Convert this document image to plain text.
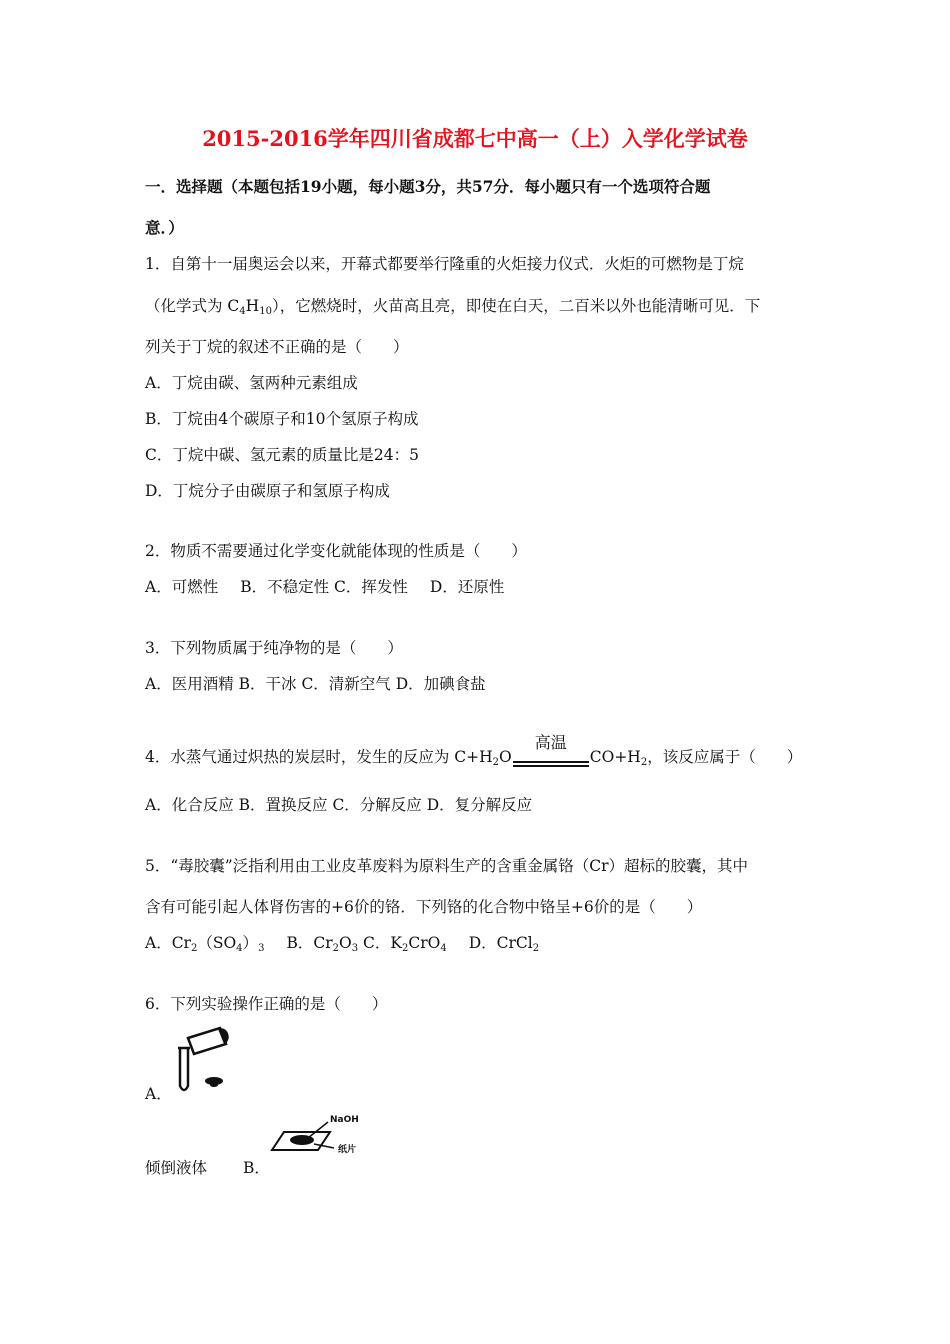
2015-2016学年四川省成都七中高一（上）入学化学试卷
一．选择题（本题包括19小题，每小题3分，共57分．每小题只有一个选项符合题
意．）
1．自第十一届奥运会以来，开幕式都要举行隆重的火炬接力仪式．火炬的可燃物是丁烷
（化学式为 $C_4H_{10}$），它燃烧时，火苗高且亮，即使在白天，二百米以外也能清晰可见．下
列关于丁烷的叙述不正确的是（　　）
A．丁烷由碳、氢两种元素组成
B．丁烷由4个碳原子和10个氢原子构成
C．丁烷中碳、氢元素的质量比是24：5
D．丁烷分子由碳原子和氢原子构成
2．物质不需要通过化学变化就能体现的性质是（　　）
A．可燃性 B．不稳定性 C．挥发性 D．还原性
3．下列物质属于纯净物的是（　　）
A．医用酒精 B．干冰 C．清新空气 D．加碘食盐
4．水蒸气通过炽热的炭层时，发生的反应为 $C+H_2O$
高温
$CO+H_2$，该反应属于（　　）
A．化合反应 B．置换反应 C．分解反应 D．复分解反应
5．“毒胶囊”泛指利用由工业皮革废料为原料生产的含重金属铬（Cr）超标的胶囊，其中
含有可能引起人体肾伤害的+6价的铬．下列铬的化合物中铬呈+6价的是（　　）
A．$Cr_2(SO_4)_3$ B．$Cr_2O_3$ C．$K_2CrO_4$ D．CrCl$_2$
6．下列实验操作正确的是（　　）
A．
倾倒液体 B．
NaOH
纸片
